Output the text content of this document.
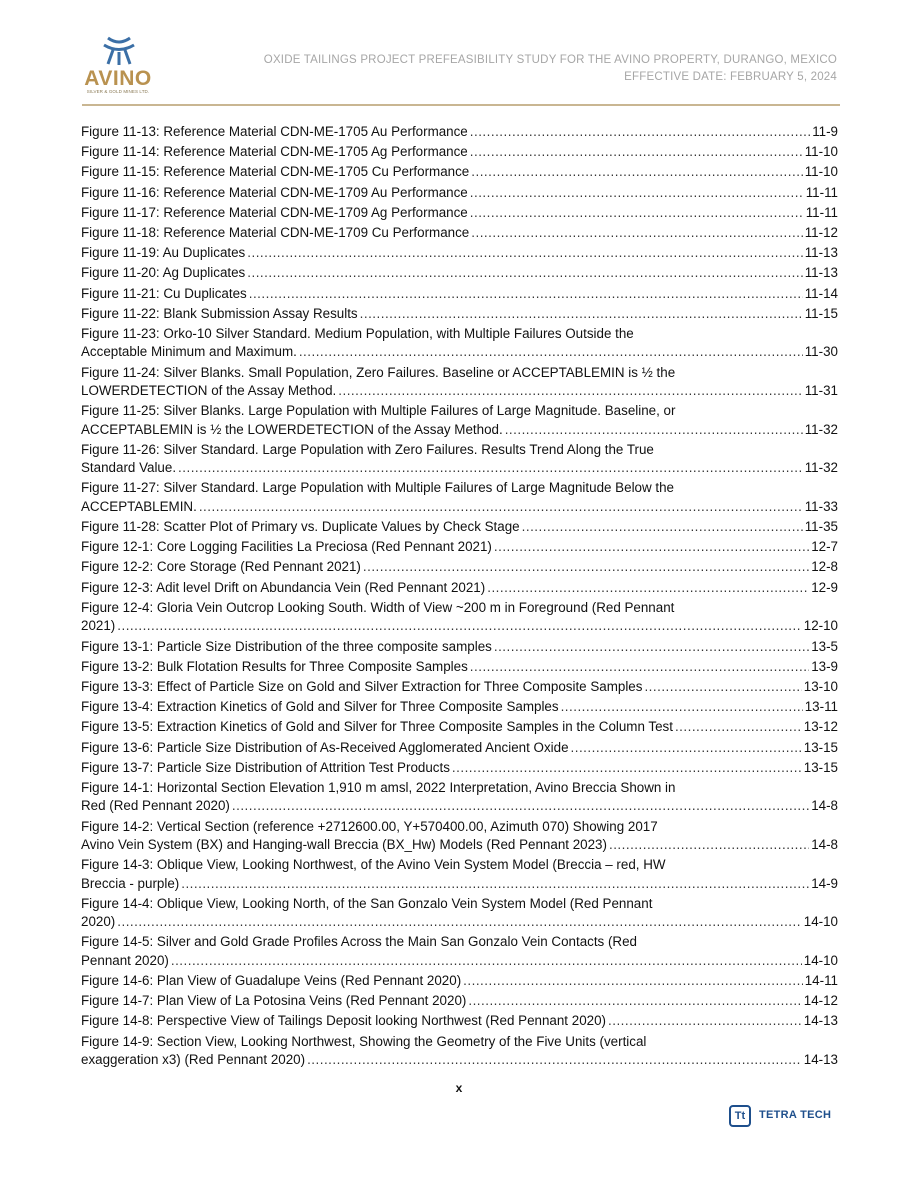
AVINO
SILVER & GOLD MINES LTD.
OXIDE TAILINGS PROJECT PREFEASIBILITY STUDY FOR THE AVINO PROPERTY, DURANGO, MEXICO
EFFECTIVE DATE: FEBRUARY 5, 2024
Figure 11-13: Reference Material CDN-ME-1705 Au Performance .....	11-9
Figure 11-14: Reference Material CDN-ME-1705 Ag Performance .....	11-10
Figure 11-15: Reference Material CDN-ME-1705 Cu Performance .....	11-10
Figure 11-16: Reference Material CDN-ME-1709 Au Performance .....	11-11
Figure 11-17: Reference Material CDN-ME-1709 Ag Performance .....	11-11
Figure 11-18: Reference Material CDN-ME-1709 Cu Performance .....	11-12
Figure 11-19: Au Duplicates .....	11-13
Figure 11-20: Ag Duplicates .....	11-13
Figure 11-21: Cu Duplicates .....	11-14
Figure 11-22: Blank Submission Assay Results .....	11-15
Figure 11-23: Orko-10 Silver Standard. Medium Population, with Multiple Failures Outside the
Acceptable Minimum and Maximum. .....	11-30
Figure 11-24: Silver Blanks. Small Population, Zero Failures. Baseline or ACCEPTABLEMIN is ½ the
LOWERDETECTION of the Assay Method. .....	11-31
Figure 11-25: Silver Blanks. Large Population with Multiple Failures of Large Magnitude. Baseline, or
ACCEPTABLEMIN is ½ the LOWERDETECTION of the Assay Method. .....	11-32
Figure 11-26: Silver Standard. Large Population with Zero Failures. Results Trend Along the True
Standard Value. .....	11-32
Figure 11-27: Silver Standard. Large Population with Multiple Failures of Large Magnitude Below the
ACCEPTABLEMIN. .....	11-33
Figure 11-28: Scatter Plot of Primary vs. Duplicate Values by Check Stage .....	11-35
Figure 12-1: Core Logging Facilities La Preciosa (Red Pennant 2021) .....	12-7
Figure 12-2: Core Storage (Red Pennant 2021) .....	12-8
Figure 12-3: Adit level Drift on Abundancia Vein (Red Pennant 2021) .....	12-9
Figure 12-4: Gloria Vein Outcrop Looking South. Width of View ~200 m in Foreground (Red Pennant
2021) .....	12-10
Figure 13-1: Particle Size Distribution of the three composite samples .....	13-5
Figure 13-2: Bulk Flotation Results for Three Composite Samples .....	13-9
Figure 13-3: Effect of Particle Size on Gold and Silver Extraction for Three Composite Samples .....	13-10
Figure 13-4: Extraction Kinetics of Gold and Silver for Three Composite Samples .....	13-11
Figure 13-5: Extraction Kinetics of Gold and Silver for Three Composite Samples in the Column Test .....	13-12
Figure 13-6: Particle Size Distribution of As-Received Agglomerated Ancient Oxide .....	13-15
Figure 13-7: Particle Size Distribution of Attrition Test Products .....	13-15
Figure 14-1: Horizontal Section Elevation 1,910 m amsl, 2022 Interpretation, Avino Breccia Shown in
Red (Red Pennant 2020) .....	14-8
Figure 14-2: Vertical Section (reference +2712600.00, Y+570400.00, Azimuth 070) Showing 2017
Avino Vein System (BX) and Hanging-wall Breccia (BX_Hw) Models (Red Pennant 2023) .....	14-8
Figure 14-3: Oblique View, Looking Northwest, of the Avino Vein System Model (Breccia – red, HW
Breccia - purple) .....	14-9
Figure 14-4: Oblique View, Looking North, of the San Gonzalo Vein System Model (Red Pennant
2020) .....	14-10
Figure 14-5: Silver and Gold Grade Profiles Across the Main San Gonzalo Vein Contacts (Red
Pennant 2020) .....	14-10
Figure 14-6: Plan View of Guadalupe Veins (Red Pennant 2020) .....	14-11
Figure 14-7: Plan View of La Potosina Veins (Red Pennant 2020) .....	14-12
Figure 14-8: Perspective View of Tailings Deposit looking Northwest (Red Pennant 2020) .....	14-13
Figure 14-9: Section View, Looking Northwest, Showing the Geometry of the Five Units (vertical
exaggeration x3) (Red Pennant 2020) .....	14-13
x
Tt	TETRA TECH
